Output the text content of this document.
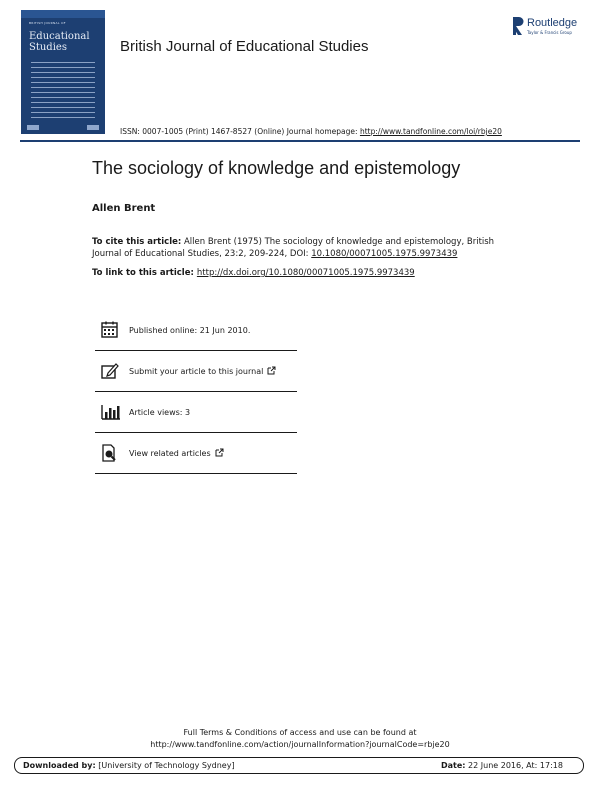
BRITISH JOURNAL OF
Educational
Studies	British Journal of Educational Studies
ISSN: 0007-1005 (Print) 1467-8527 (Online) Journal homepage: http://www.tandfonline.com/loi/rbje20
Routledge
Taylor & Francis Group
The sociology of knowledge and epistemology
Allen Brent
To cite this article: Allen Brent (1975) The sociology of knowledge and epistemology, British Journal of Educational Studies, 23:2, 209-224, DOI: 10.1080/00071005.1975.9973439
To link to this article: http://dx.doi.org/10.1080/00071005.1975.9973439
Published online: 21 Jun 2010.
Submit your article to this journal
Article views: 3
View related articles
Full Terms & Conditions of access and use can be found at
http://www.tandfonline.com/action/journalInformation?journalCode=rbje20
Downloaded by: [University of Technology Sydney]	Date: 22 June 2016, At: 17:18
